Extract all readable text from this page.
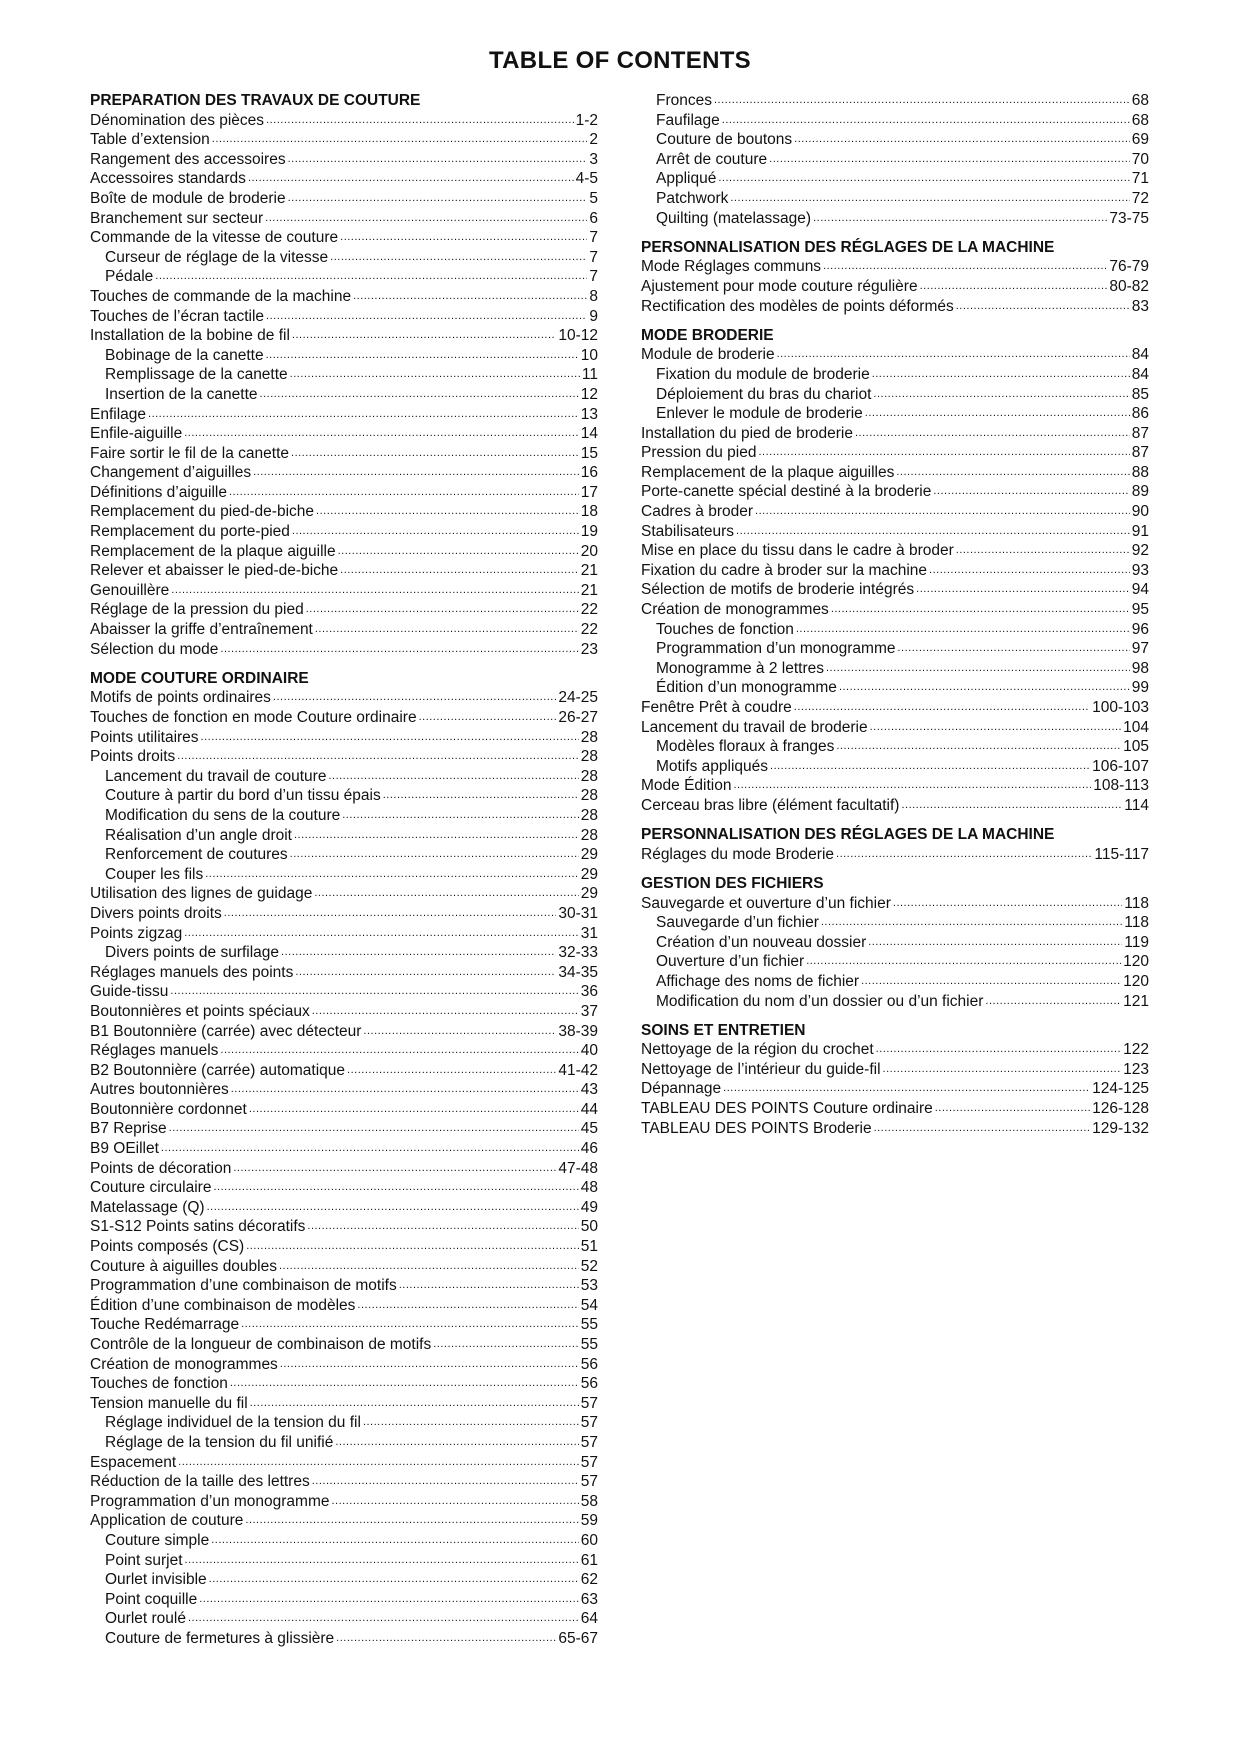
TABLE OF CONTENTS
PREPARATION DES TRAVAUX DE COUTURE
Dénomination des pièces .....	1-2
Table d’extension .....	2
Rangement des accessoires .....	3
Accessoires standards .....	4-5
Boîte de module de broderie .....	5
Branchement sur secteur .....	6
Commande de la vitesse de couture .....	7
Curseur de réglage de la vitesse .....	7
Pédale .....	7
Touches de commande de la machine .....	8
Touches de l’écran tactile .....	9
Installation de la bobine de fil .....	10-12
Bobinage de la canette .....	10
Remplissage de la canette .....	11
Insertion de la canette .....	12
Enfilage .....	13
Enfile-aiguille .....	14
Faire sortir le fil de la canette .....	15
Changement d’aiguilles .....	16
Définitions d’aiguille .....	17
Remplacement du pied-de-biche .....	18
Remplacement du porte-pied .....	19
Remplacement de la plaque aiguille .....	20
Relever et abaisser le pied-de-biche .....	21
Genouillère .....	21
Réglage de la pression du pied .....	22
Abaisser la griffe d’entraînement .....	22
Sélection du mode .....	23
MODE COUTURE ORDINAIRE
Motifs de points ordinaires .....	24-25
Touches de fonction en mode Couture ordinaire .....	26-27
Points utilitaires .....	28
Points droits .....	28
Lancement du travail de couture .....	28
Couture à partir du bord d’un tissu épais .....	28
Modification du sens de la couture .....	28
Réalisation d’un angle droit .....	28
Renforcement de coutures .....	29
Couper les fils .....	29
Utilisation des lignes de guidage .....	29
Divers points droits .....	30-31
Points zigzag .....	31
Divers points de surfilage .....	32-33
Réglages manuels des points .....	34-35
Guide-tissu .....	36
Boutonnières et points spéciaux .....	37
B1 Boutonnière (carrée) avec détecteur .....	38-39
Réglages manuels .....	40
B2 Boutonnière (carrée) automatique .....	41-42
Autres boutonnières .....	43
Boutonnière cordonnet .....	44
B7 Reprise .....	45
B9 OEillet .....	46
Points de décoration .....	47-48
Couture circulaire .....	48
Matelassage (Q) .....	49
S1-S12 Points satins décoratifs .....	50
Points composés (CS) .....	51
Couture à aiguilles doubles .....	52
Programmation d’une combinaison de motifs .....	53
Édition d’une combinaison de modèles .....	54
Touche Redémarrage .....	55
Contrôle de la longueur de combinaison de motifs .....	55
Création de monogrammes .....	56
Touches de fonction .....	56
Tension manuelle du fil .....	57
Réglage individuel de la tension du fil .....	57
Réglage de la tension du fil unifié .....	57
Espacement .....	57
Réduction de la taille des lettres .....	57
Programmation d’un monogramme .....	58
Application de couture .....	59
Couture simple .....	60
Point surjet .....	61
Ourlet invisible .....	62
Point coquille .....	63
Ourlet roulé .....	64
Couture de fermetures à glissière .....	65-67
Fronces .....	68
Faufilage .....	68
Couture de boutons .....	69
Arrêt de couture .....	70
Appliqué .....	71
Patchwork .....	72
Quilting (matelassage) .....	73-75
PERSONNALISATION DES RÉGLAGES DE LA MACHINE
Mode Réglages communs .....	76-79
Ajustement pour mode couture régulière .....	80-82
Rectification des modèles de points déformés .....	83
MODE BRODERIE
Module de broderie .....	84
Fixation du module de broderie .....	84
Déploiement du bras du chariot .....	85
Enlever le module de broderie .....	86
Installation du pied de broderie .....	87
Pression du pied .....	87
Remplacement de la plaque aiguilles .....	88
Porte-canette spécial destiné à la broderie .....	89
Cadres à broder .....	90
Stabilisateurs .....	91
Mise en place du tissu dans le cadre à broder .....	92
Fixation du cadre à broder sur la machine .....	93
Sélection de motifs de broderie intégrés .....	94
Création de monogrammes .....	95
Touches de fonction .....	96
Programmation d’un monogramme .....	97
Monogramme à 2 lettres .....	98
Édition d’un monogramme .....	99
Fenêtre Prêt à coudre .....	100-103
Lancement du travail de broderie .....	104
Modèles floraux à franges .....	105
Motifs appliqués .....	106-107
Mode Édition .....	108-113
Cerceau bras libre (élément facultatif) .....	114
PERSONNALISATION DES RÉGLAGES DE LA MACHINE
Réglages du mode Broderie .....	115-117
GESTION DES FICHIERS
Sauvegarde et ouverture d’un fichier .....	118
Sauvegarde d’un fichier .....	118
Création d’un nouveau dossier .....	119
Ouverture d’un fichier .....	120
Affichage des noms de fichier .....	120
Modification du nom d’un dossier ou d’un fichier .....	121
SOINS ET ENTRETIEN
Nettoyage de la région du crochet .....	122
Nettoyage de l’intérieur du guide-fil .....	123
Dépannage .....	124-125
TABLEAU DES POINTS Couture ordinaire .....	126-128
TABLEAU DES POINTS Broderie .....	129-132
